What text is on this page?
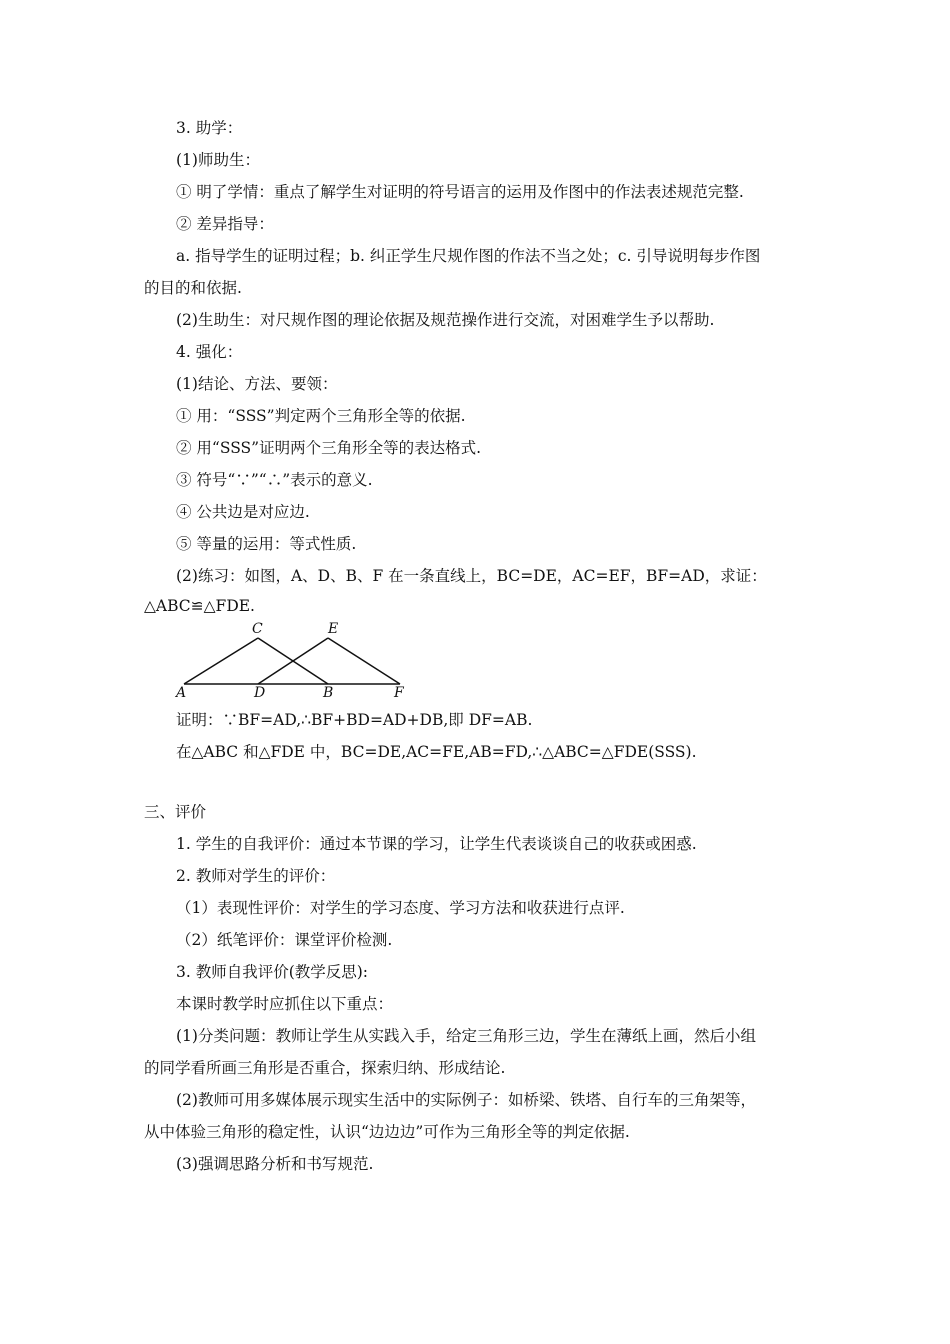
3. 助学：
(1)师助生：
① 明了学情：重点了解学生对证明的符号语言的运用及作图中的作法表述规范完整.
② 差异指导：
a. 指导学生的证明过程；b. 纠正学生尺规作图的作法不当之处；c. 引导说明每步作图
的目的和依据.
(2)生助生：对尺规作图的理论依据及规范操作进行交流，对困难学生予以帮助.
4. 强化：
(1)结论、方法、要领：
① 用：“SSS”判定两个三角形全等的依据.
② 用“SSS”证明两个三角形全等的表达格式.
③ 符号“∵”“∴”表示的意义.
④ 公共边是对应边.
⑤ 等量的运用：等式性质.
(2)练习：如图，A、D、B、F 在一条直线上，BC=DE，AC=EF，BF=AD，求证：
△ABC≌△FDE.
C	E
A	D	B	F
证明：∵BF=AD,∴BF+BD=AD+DB,即 DF=AB.
在△ABC 和△FDE 中，BC=DE,AC=FE,AB=FD,∴△ABC=△FDE(SSS).
三、评价
1. 学生的自我评价：通过本节课的学习，让学生代表谈谈自己的收获或困惑.
2. 教师对学生的评价：
（1）表现性评价：对学生的学习态度、学习方法和收获进行点评.
（2）纸笔评价：课堂评价检测.
3. 教师自我评价(教学反思):
本课时教学时应抓住以下重点：
(1)分类问题：教师让学生从实践入手，给定三角形三边，学生在薄纸上画，然后小组
的同学看所画三角形是否重合，探索归纳、形成结论.
(2)教师可用多媒体展示现实生活中的实际例子：如桥梁、铁塔、自行车的三角架等，
从中体验三角形的稳定性，认识“边边边”可作为三角形全等的判定依据.
(3)强调思路分析和书写规范.
